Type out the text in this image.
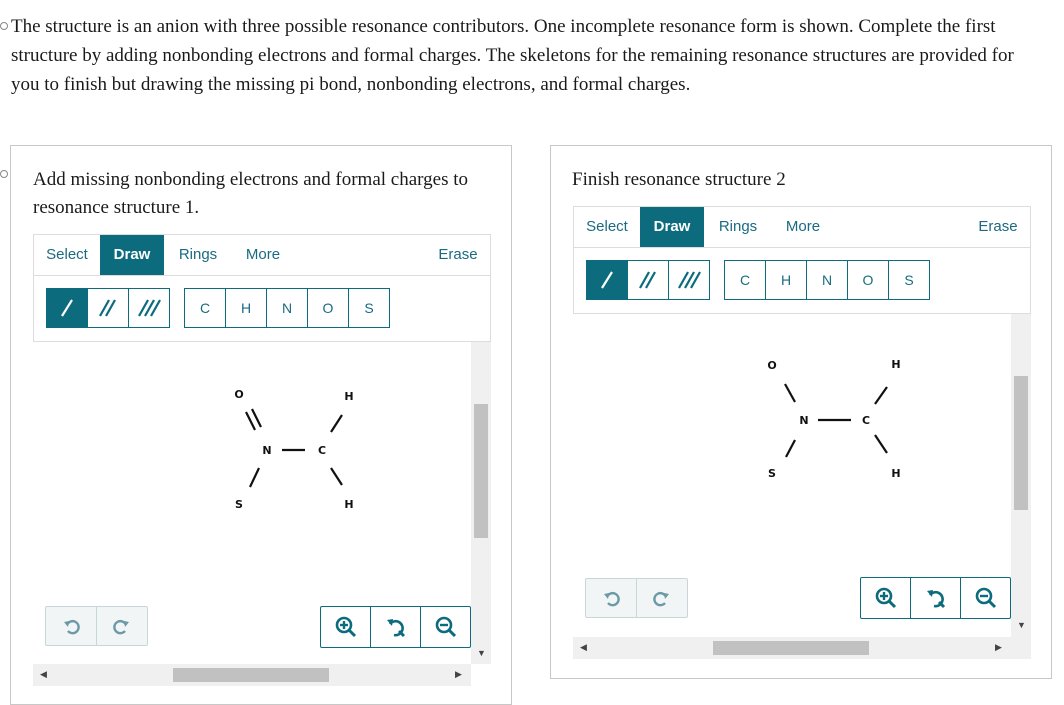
The structure is an anion with three possible resonance contributors. One incomplete resonance form is shown. Complete the first structure by adding nonbonding electrons and formal charges. The skeletons for the remaining resonance structures are provided for you to finish but drawing the missing pi bond, nonbonding electrons, and formal charges.
Add missing nonbonding electrons and formal charges to resonance structure 1.
Select	Draw	Rings	More	Erase
C	H	N	O	S
O
N	C
S
H
H
▼
◀	▶
Finish resonance structure 2
Select	Draw	Rings	More	Erase
C	H	N	O	S
O
N	C
S
H
H
▼
◀	▶
